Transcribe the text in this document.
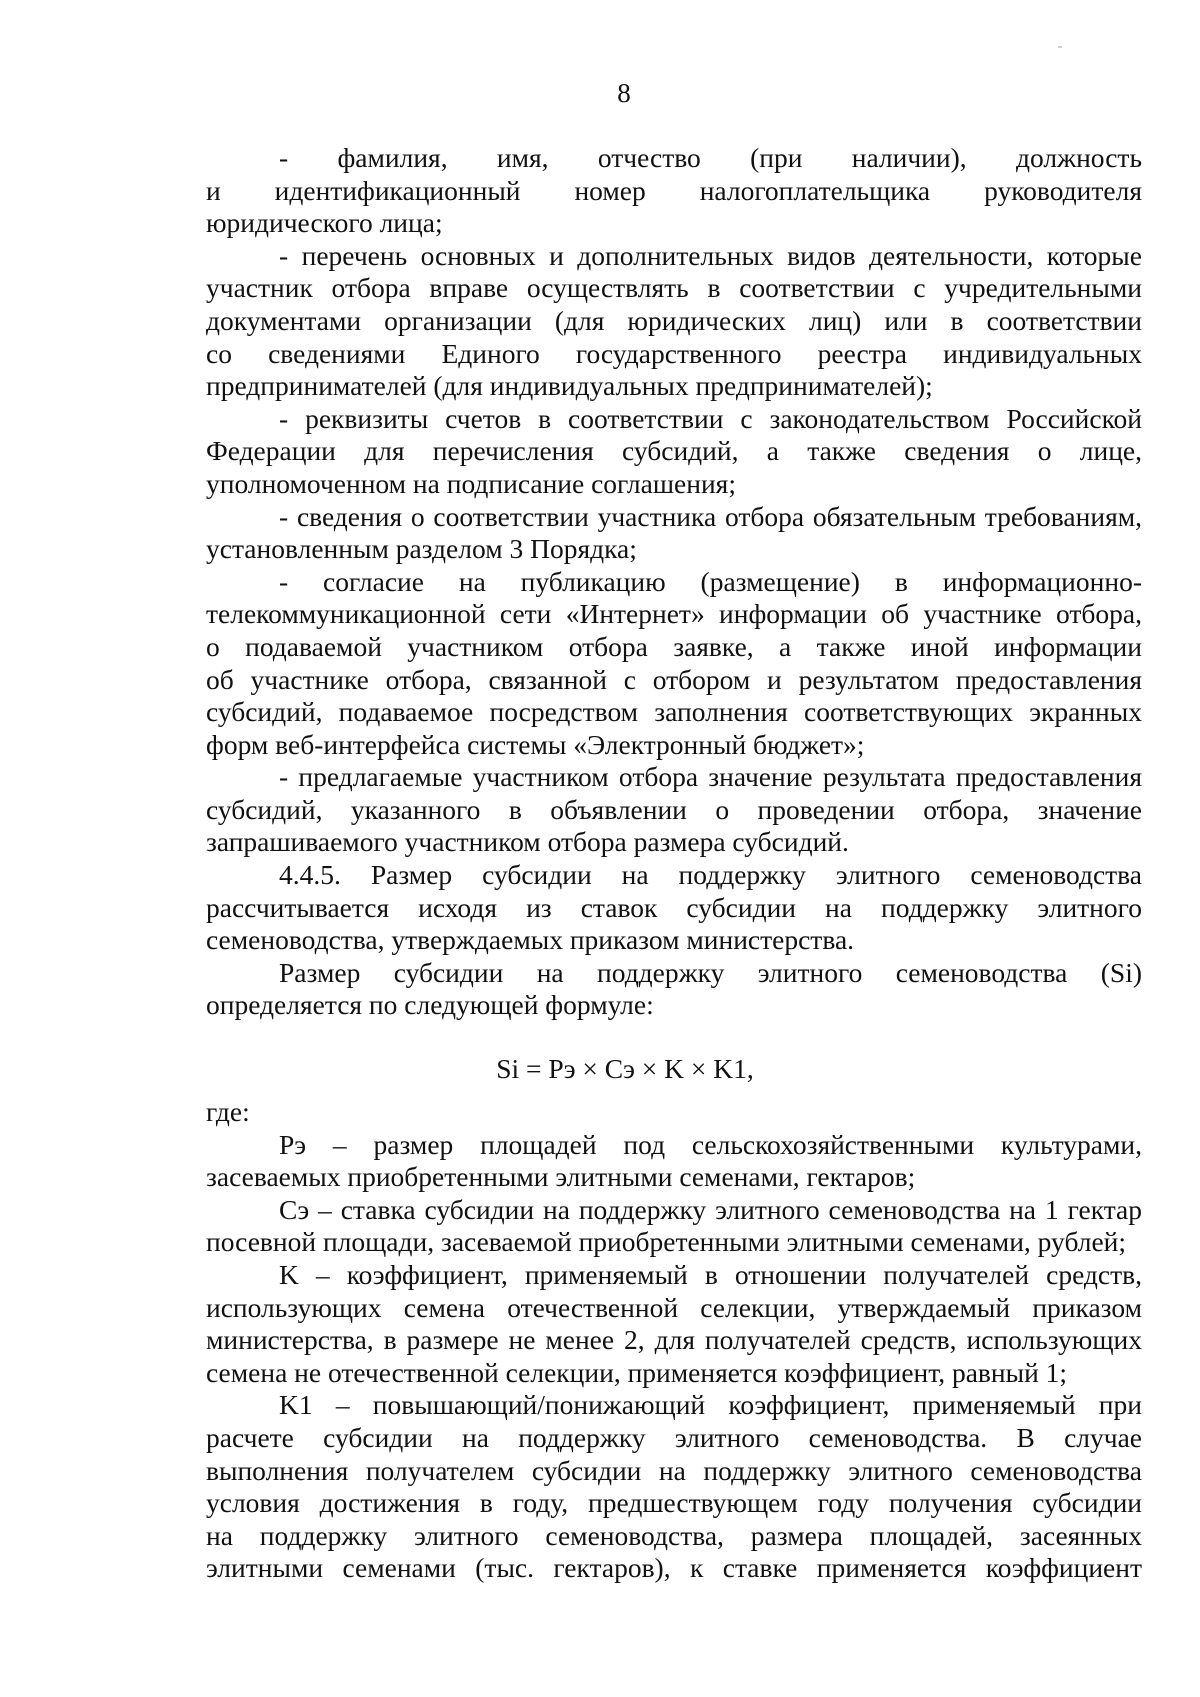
8
- фамилия, имя, отчество (при наличии), должность
и идентификационный номер налогоплательщика руководителя
юридического лица;
- перечень основных и дополнительных видов деятельности, которые
участник отбора вправе осуществлять в соответствии с учредительными
документами организации (для юридических лиц) или в соответствии
со сведениями Единого государственного реестра индивидуальных
предпринимателей (для индивидуальных предпринимателей);
- реквизиты счетов в соответствии с законодательством Российской
Федерации для перечисления субсидий, а также сведения о лице,
уполномоченном на подписание соглашения;
- сведения о соответствии участника отбора обязательным требованиям,
установленным разделом 3 Порядка;
- согласие на публикацию (размещение) в информационно-
телекоммуникационной сети «Интернет» информации об участнике отбора,
о подаваемой участником отбора заявке, а также иной информации
об участнике отбора, связанной с отбором и результатом предоставления
субсидий, подаваемое посредством заполнения соответствующих экранных
форм веб-интерфейса системы «Электронный бюджет»;
- предлагаемые участником отбора значение результата предоставления
субсидий, указанного в объявлении о проведении отбора, значение
запрашиваемого участником отбора размера субсидий.
4.4.5. Размер субсидии на поддержку элитного семеноводства
рассчитывается исходя из ставок субсидии на поддержку элитного
семеноводства, утверждаемых приказом министерства.
Размер субсидии на поддержку элитного семеноводства (Si)
определяется по следующей формуле:
Si = Pэ × Cэ × K × K1,
где:
Pэ – размер площадей под сельскохозяйственными культурами,
засеваемых приобретенными элитными семенами, гектаров;
Cэ – ставка субсидии на поддержку элитного семеноводства на 1 гектар
посевной площади, засеваемой приобретенными элитными семенами, рублей;
K – коэффициент, применяемый в отношении получателей средств,
использующих семена отечественной селекции, утверждаемый приказом
министерства, в размере не менее 2, для получателей средств, использующих
семена не отечественной селекции, применяется коэффициент, равный 1;
K1 – повышающий/понижающий коэффициент, применяемый при
расчете субсидии на поддержку элитного семеноводства. В случае
выполнения получателем субсидии на поддержку элитного семеноводства
условия достижения в году, предшествующем году получения субсидии
на поддержку элитного семеноводства, размера площадей, засеянных
элитными семенами (тыс. гектаров), к ставке применяется коэффициент
